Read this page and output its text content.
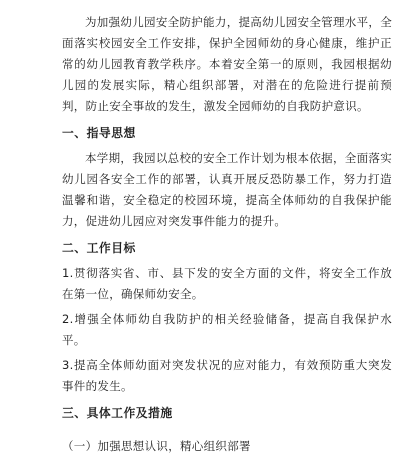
为加强幼儿园安全防护能力，提高幼儿园安全管理水平，全面落实校园安全工作安排，保护全园师幼的身心健康，维护正常的幼儿园教育教学秩序。本着安全第一的原则，我园根据幼儿园的发展实际，精心组织部署，对潜在的危险进行提前预判，防止安全事故的发生，激发全园师幼的自我防护意识。

一、指导思想

本学期，我园以总校的安全工作计划为根本依据，全面落实幼儿园各安全工作的部署，认真开展反恐防暴工作，努力打造温馨和谐，安全稳定的校园环境，提高全体师幼的自我保护能力，促进幼儿园应对突发事件能力的提升。

二、工作目标
1.贯彻落实省、市、县下发的安全方面的文件，将安全工作放在第一位，确保师幼安全。
2.增强全体师幼自我防护的相关经验储备，提高自我保护水平。
3.提高全体师幼面对突发状况的应对能力，有效预防重大突发事件的发生。
三、具体工作及措施
（一）加强思想认识，精心组织部署
